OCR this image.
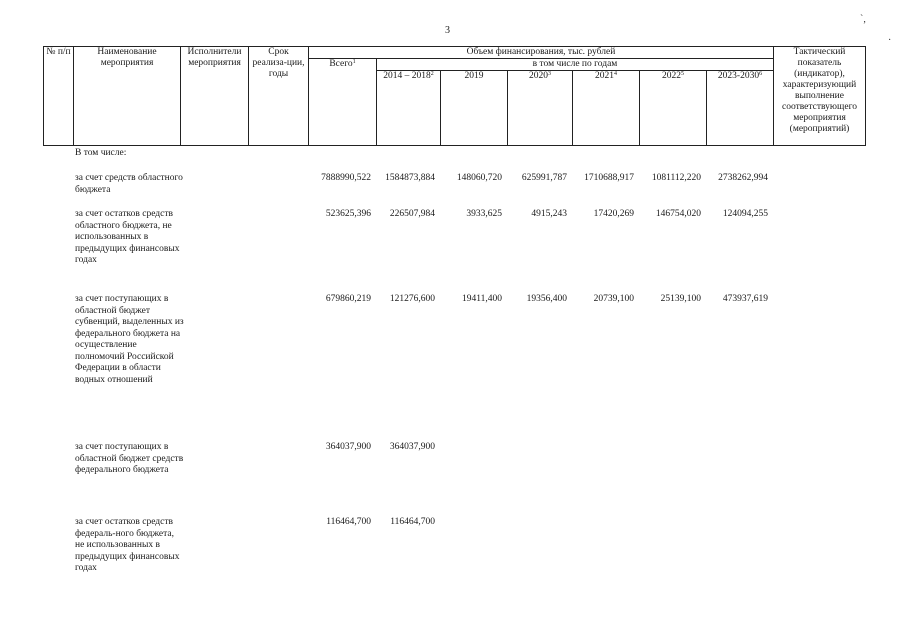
3
`,
·
№ п/п	Наименование мероприятия	Исполнители мероприятия	Срок реализа-ции, годы	Объем финансирования, тыс. рублей							Тактический показатель (индикатор), характеризующий выполнение соответствующего мероприятия (мероприятий)
				Всего$^1$	в том числе по годам						
					2014 – 2018$^2$	2019	2020$^3$	2021$^4$	2022$^5$	2023-2030$^6$
В том числе:
за счет средств областного бюджета
7888990,522 1584873,884 148060,720 625991,787 1710688,917 1081112,220 2738262,994
за счет остатков средств областного бюджета, не использованных в предыдущих финансовых годах
523625,396 226507,984	3933,625	4915,243	17420,269 146754,020 124094,255
за счет поступающих в областной бюджет субвенций, выделенных из федерального бюджета на осуществление полномочий Российской Федерации в области водных отношений
679860,219 121276,600	19411,400	19356,400	20739,100	25139,100 473937,619
за счет поступающих в областной бюджет средств федерального бюджета
364037,900 364037,900
за счет остатков средств федераль-ного бюджета, не использованных в предыдущих финансовых годах
116464,700 116464,700
